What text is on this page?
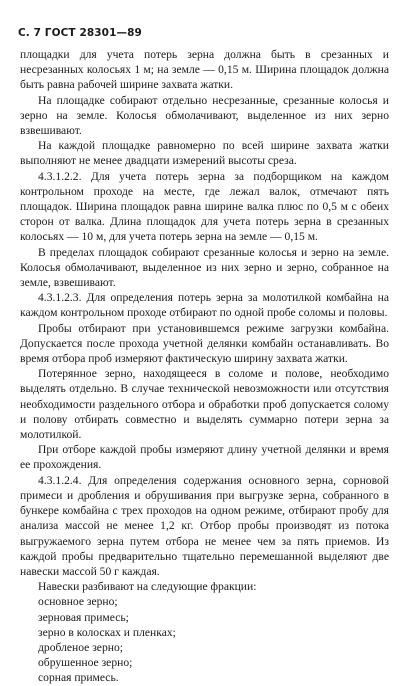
С. 7 ГОСТ 28301—89

площадки для учета потерь зерна должна быть в срезанных и несрезанных колосьях 1 м; на земле — 0,15 м. Ширина площадок должна быть равна рабочей ширине захвата жатки.

На площадке собирают отдельно несрезанные, срезанные колосья и зерно на земле. Колосья обмолачивают, выделенное из них зерно взвешивают.

На каждой площадке равномерно по всей ширине захвата жатки выполняют не менее двадцати измерений высоты среза.

4.3.1.2.2. Для учета потерь зерна за подборщиком на каждом контрольном проходе на месте, где лежал валок, отмечают пять площадок. Ширина площадок равна ширине валка плюс по 0,5 м с обеих сторон от валка. Длина площадок для учета потерь зерна в срезанных колосьях — 10 м, для учета потерь зерна на земле — 0,15 м.

В пределах площадок собирают срезанные колосья и зерно на земле. Колосья обмолачивают, выделенное из них зерно и зерно, собранное на земле, взвешивают.

4.3.1.2.3. Для определения потерь зерна за молотилкой комбайна на каждом контрольном проходе отбирают по одной пробе соломы и половы.

Пробы отбирают при установившемся режиме загрузки комбайна. Допускается после прохода учетной делянки комбайн останавливать. Во время отбора проб измеряют фактическую ширину захвата жатки.

Потерянное зерно, находящееся в соломе и полове, необходимо выделять отдельно. В случае технической невозможности или отсутствия необходимости раздельного отбора и обработки проб допускается солому и полову отбирать совместно и выделять суммарно потери зерна за молотилкой.

При отборе каждой пробы измеряют длину учетной делянки и время ее прохождения.

4.3.1.2.4. Для определения содержания основного зерна, сорновой примеси и дробления и обрушивания при выгрузке зерна, собранного в бункере комбайна с трех проходов на одном режиме, отбирают пробу для анализа массой не менее 1,2 кг. Отбор пробы производят из потока выгружаемого зерна путем отбора не менее чем за пять приемов. Из каждой пробы предварительно тщательно перемешанной выделяют две навески массой 50 г каждая.

Навески разбивают на следующие фракции:

основное зерно;
зерновая примесь;
зерно в колосках и пленках;
дробленое зерно;
обрушенное зерно;
сорная примесь.
